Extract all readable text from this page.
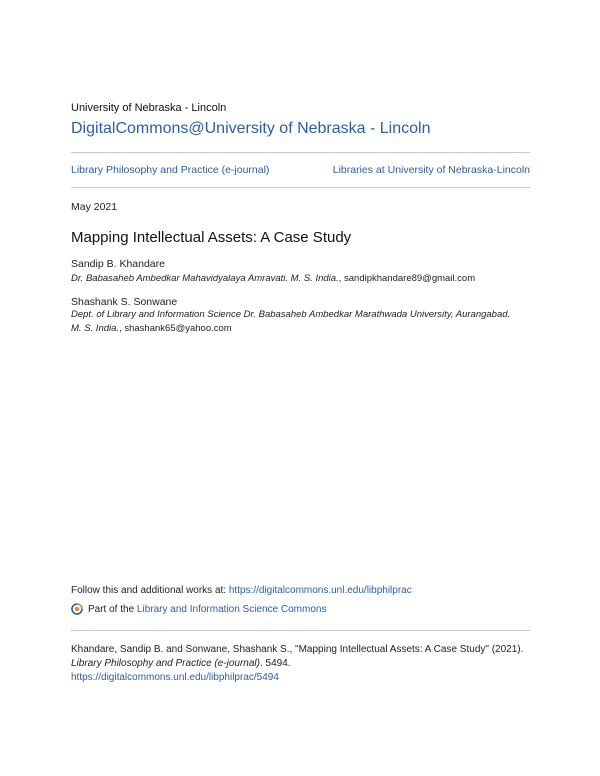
University of Nebraska - Lincoln
DigitalCommons@University of Nebraska - Lincoln
Library Philosophy and Practice (e-journal)	Libraries at University of Nebraska-Lincoln
May 2021
Mapping Intellectual Assets: A Case Study
Sandip B. Khandare
Dr. Babasaheb Ambedkar Mahavidyalaya Amravati. M. S. India., sandipkhandare89@gmail.com
Shashank S. Sonwane
Dept. of Library and Information Science Dr. Babasaheb Ambedkar Marathwada University, Aurangabad.
M. S. India., shashank65@yahoo.com
Follow this and additional works at: https://digitalcommons.unl.edu/libphilprac
Part of the
Library and Information Science Commons
Khandare, Sandip B. and Sonwane, Shashank S., "Mapping Intellectual Assets: A Case Study" (2021).
Library Philosophy and Practice (e-journal). 5494.
https://digitalcommons.unl.edu/libphilprac/5494
